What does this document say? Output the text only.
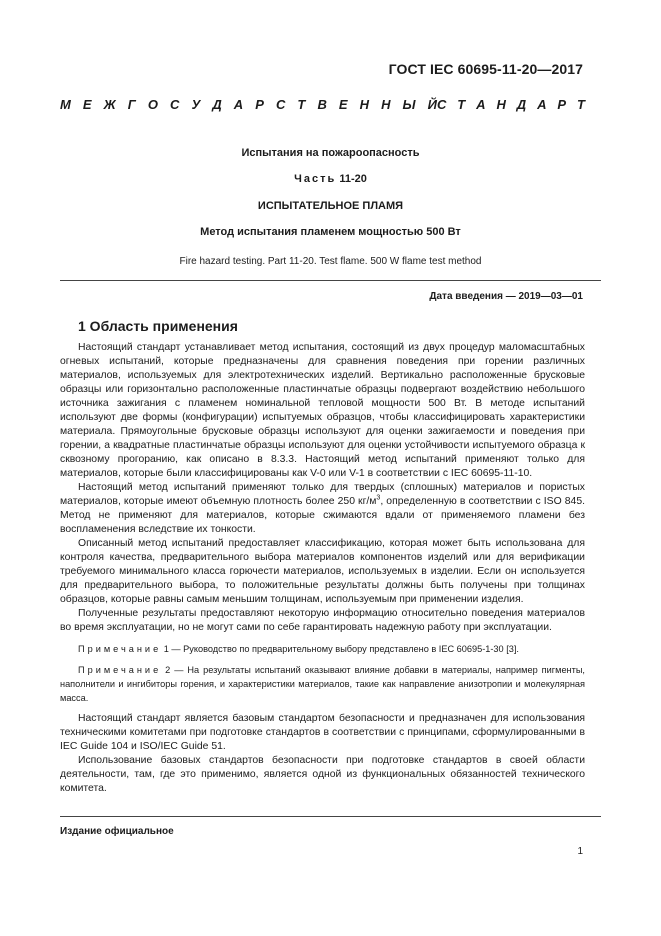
ГОСТ IEC 60695-11-20—2017
М Е Ж Г О С У Д А Р С Т В Е Н Н Ы Й С Т А Н Д А Р Т
Испытания на пожароопасность
Часть 11-20
ИСПЫТАТЕЛЬНОЕ ПЛАМЯ
Метод испытания пламенем мощностью 500 Вт
Fire hazard testing. Part 11-20. Test flame. 500 W flame test method
Дата введения — 2019—03—01
1 Область применения

Настоящий стандарт устанавливает метод испытания, состоящий из двух процедур маломасштабных огневых испытаний, которые предназначены для сравнения поведения при горении различных материалов, используемых для электротехнических изделий. Вертикально расположенные брусковые образцы или горизонтально расположенные пластинчатые образцы подвергают воздействию небольшого источника зажигания с пламенем номинальной тепловой мощности 500 Вт. В методе испытаний используют две формы (конфигурации) испытуемых образцов, чтобы классифицировать характеристики материала. Прямоугольные брусковые образцы используют для оценки зажигаемости и поведения при горении, а квадратные пластинчатые образцы используют для оценки устойчивости испытуемого образца к сквозному прогоранию, как описано в 8.3.3. Настоящий метод испытаний применяют только для материалов, которые были классифицированы как V-0 или V-1 в соответствии с IEC 60695-11-10.

Настоящий метод испытаний применяют только для твердых (сплошных) материалов и пористых материалов, которые имеют объемную плотность более 250 $кг/м^3$, определенную в соответствии с ISO 845. Метод не применяют для материалов, которые сжимаются вдали от применяемого пламени без воспламенения вследствие их тонкости.

Описанный метод испытаний предоставляет классификацию, которая может быть использована для контроля качества, предварительного выбора материалов компонентов изделий или для верификации требуемого минимального класса горючести материалов, используемых в изделии. Если он используется для предварительного выбора, то положительные результаты должны быть получены при толщинах образцов, которые равны самым меньшим толщинам, используемым при применении изделия.

Полученные результаты предоставляют некоторую информацию относительно поведения материалов во время эксплуатации, но не могут сами по себе гарантировать надежную работу при эксплуатации.

Примечание 1 — Руководство по предварительному выбору представлено в IEC 60695-1-30 [3].

Примечание 2 — На результаты испытаний оказывают влияние добавки в материалы, например пигменты, наполнители и ингибиторы горения, и характеристики материалов, такие как направление анизотропии и молекулярная масса.

Настоящий стандарт является базовым стандартом безопасности и предназначен для использования техническими комитетами при подготовке стандартов в соответствии с принципами, сформулированными в IEC Guide 104 и ISO/IEC Guide 51.

Использование базовых стандартов безопасности при подготовке стандартов в своей области деятельности, там, где это применимо, является одной из функциональных обязанностей технического комитета.

Издание официальное
1
